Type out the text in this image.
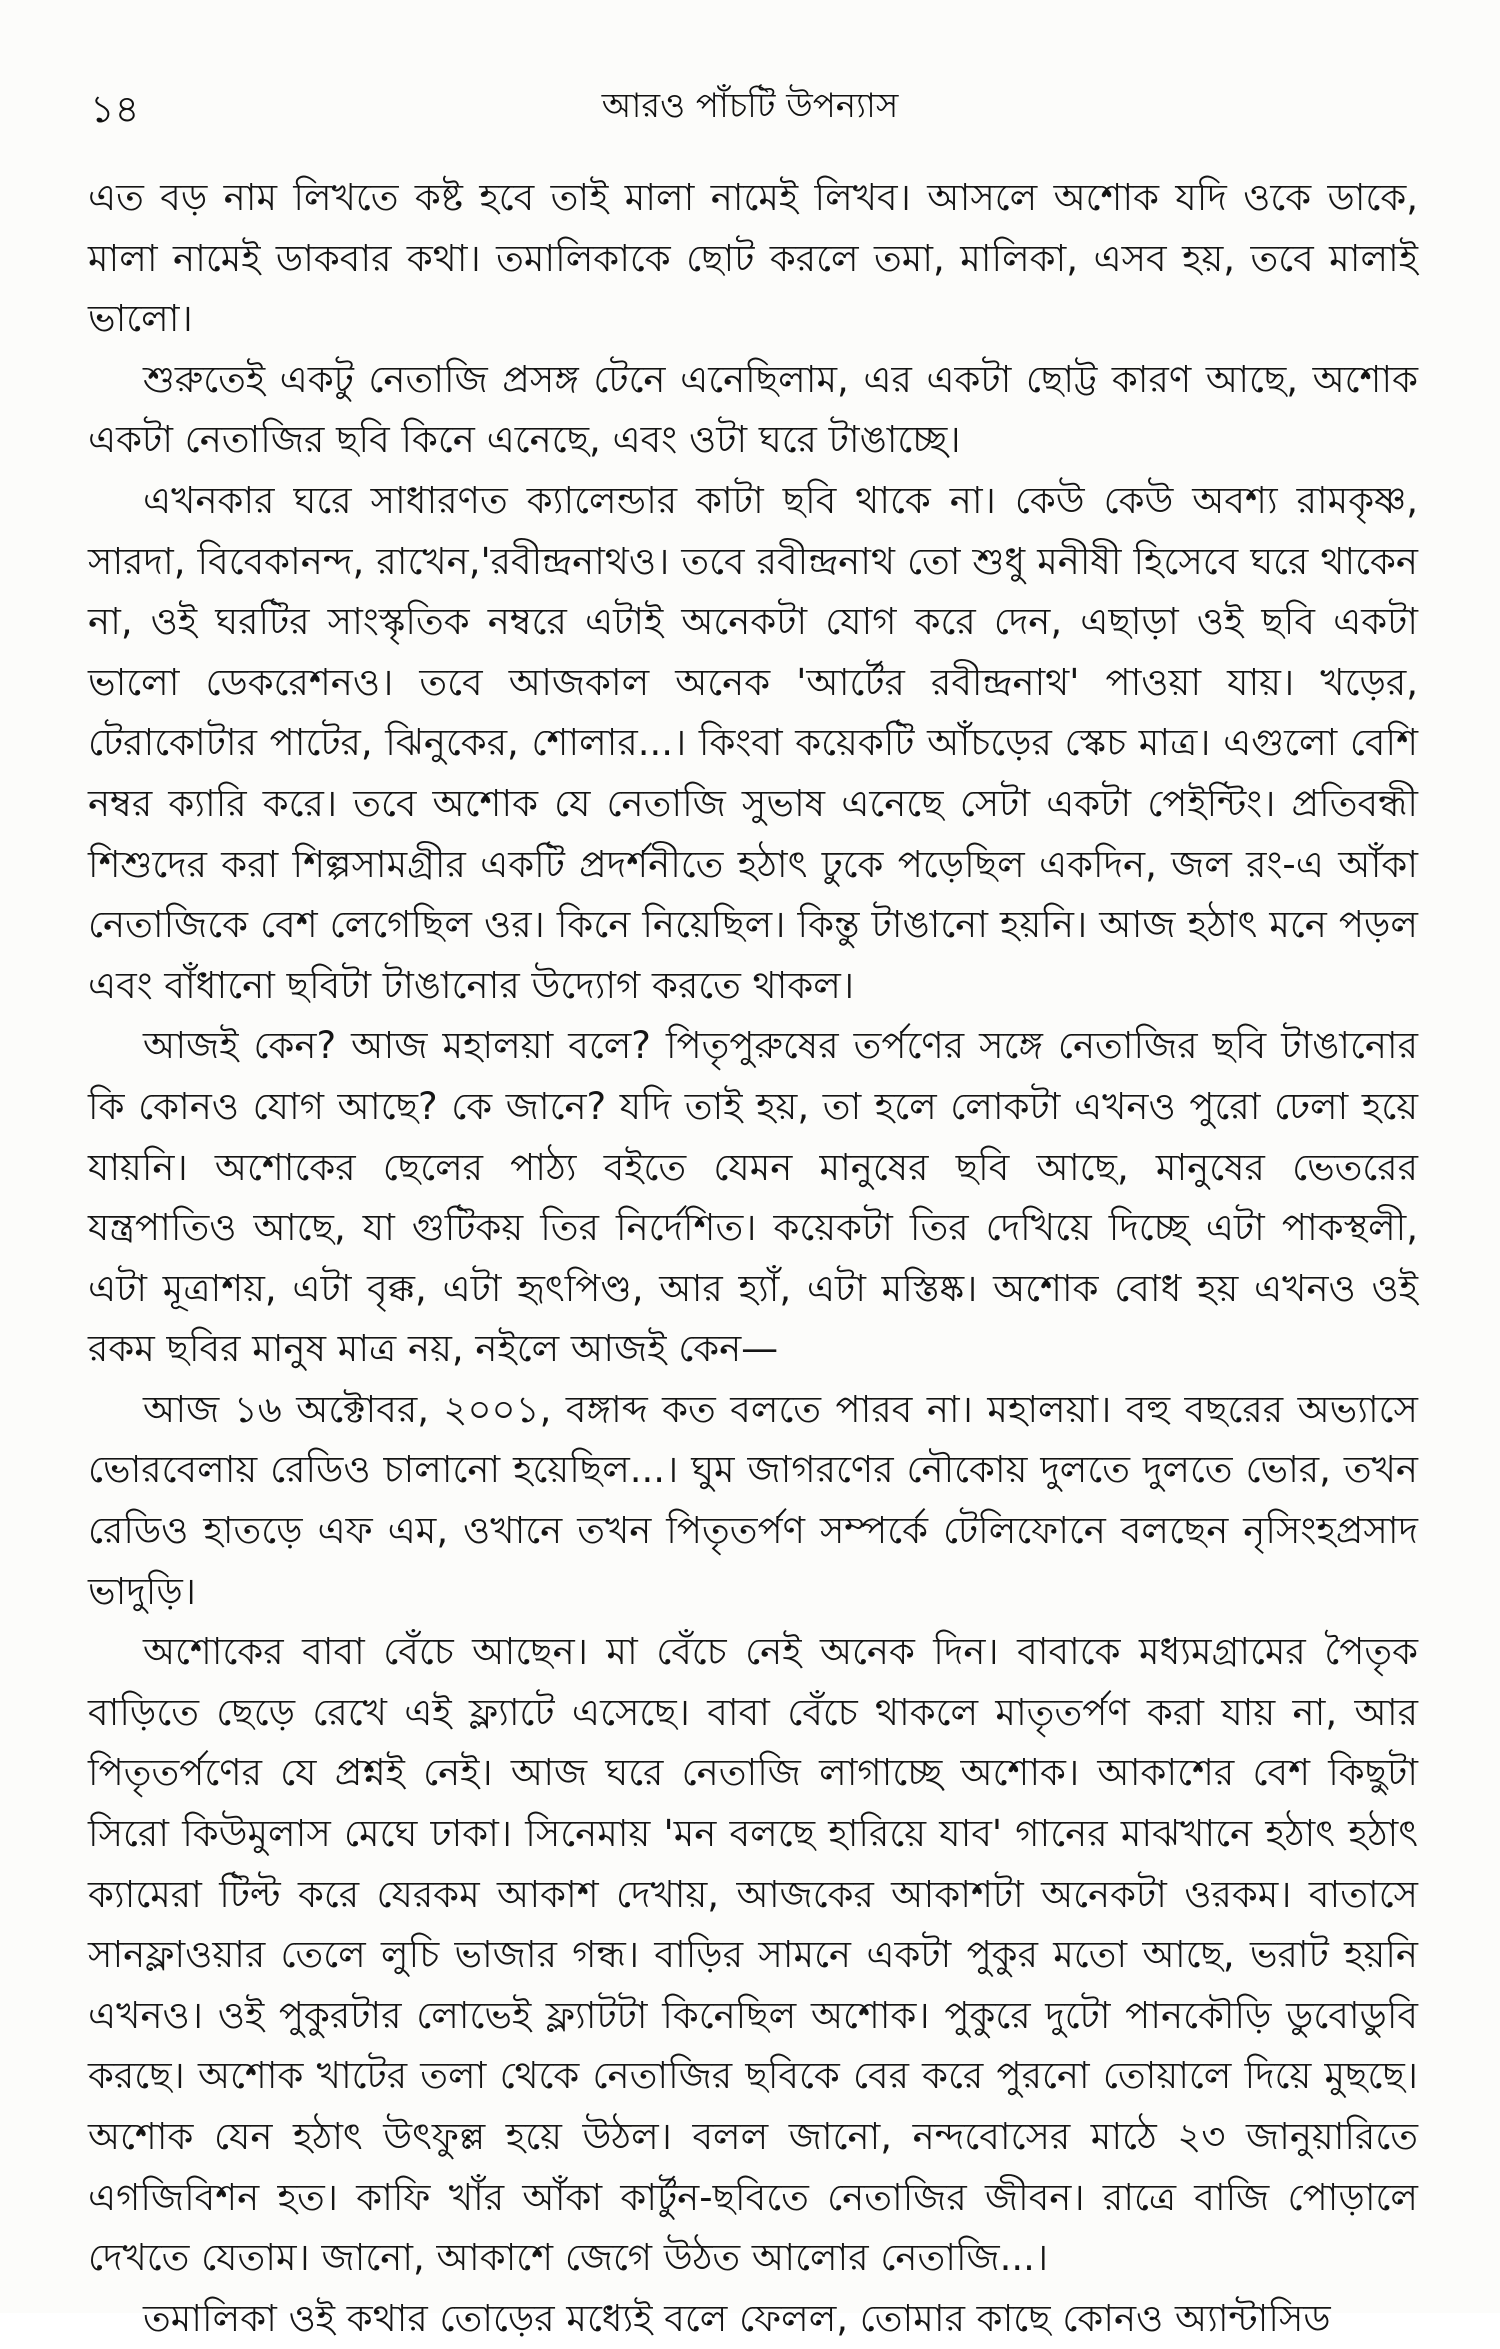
১৪	আরও পাঁচটি উপন্যাস

এত বড় নাম লিখতে কষ্ট হবে তাই মালা নামেই লিখব। আসলে অশোক যদি ওকে ডাকে, মালা নামেই ডাকবার কথা। তমালিকাকে ছোট করলে তমা, মালিকা, এসব হয়, তবে মালাই ভালো।

শুরুতেই একটু নেতাজি প্রসঙ্গ টেনে এনেছিলাম, এর একটা ছোট্ট কারণ আছে, অশোক একটা নেতাজির ছবি কিনে এনেছে, এবং ওটা ঘরে টাঙাচ্ছে।

এখনকার ঘরে সাধারণত ক্যালেন্ডার কাটা ছবি থাকে না। কেউ কেউ অবশ্য রামকৃষ্ণ, সারদা, বিবেকানন্দ, রাখেন,'রবীন্দ্রনাথও। তবে রবীন্দ্রনাথ তো শুধু মনীষী হিসেবে ঘরে থাকেন না, ওই ঘরটির সাংস্কৃতিক নম্বরে এটাই অনেকটা যোগ করে দেন, এছাড়া ওই ছবি একটা ভালো ডেকরেশনও। তবে আজকাল অনেক 'আর্টের রবীন্দ্রনাথ' পাওয়া যায়। খড়ের, টেরাকোটার পাটের, ঝিনুকের, শোলার...। কিংবা কয়েকটি আঁচড়ের স্কেচ মাত্র। এগুলো বেশি নম্বর ক্যারি করে। তবে অশোক যে নেতাজি সুভাষ এনেছে সেটা একটা পেইন্টিং। প্রতিবন্ধী শিশুদের করা শিল্পসামগ্রীর একটি প্রদর্শনীতে হঠাৎ ঢুকে পড়েছিল একদিন, জল রং-এ আঁকা নেতাজিকে বেশ লেগেছিল ওর। কিনে নিয়েছিল। কিন্তু টাঙানো হয়নি। আজ হঠাৎ মনে পড়ল এবং বাঁধানো ছবিটা টাঙানোর উদ্যোগ করতে থাকল।

আজই কেন? আজ মহালয়া বলে? পিতৃপুরুষের তর্পণের সঙ্গে নেতাজির ছবি টাঙানোর কি কোনও যোগ আছে? কে জানে? যদি তাই হয়, তা হলে লোকটা এখনও পুরো ঢেলা হয়ে যায়নি। অশোকের ছেলের পাঠ্য বইতে যেমন মানুষের ছবি আছে, মানুষের ভেতরের যন্ত্রপাতিও আছে, যা গুটিকয় তির নির্দেশিত। কয়েকটা তির দেখিয়ে দিচ্ছে এটা পাকস্থলী, এটা মূত্রাশয়, এটা বৃক্ক, এটা হৃৎপিণ্ড, আর হ্যাঁ, এটা মস্তিষ্ক। অশোক বোধ হয় এখনও ওই রকম ছবির মানুষ মাত্র নয়, নইলে আজই কেন—

আজ ১৬ অক্টোবর, ২০০১, বঙ্গাব্দ কত বলতে পারব না। মহালয়া। বহু বছরের অভ্যাসে ভোরবেলায় রেডিও চালানো হয়েছিল...। ঘুম জাগরণের নৌকোয় দুলতে দুলতে ভোর, তখন রেডিও হাতড়ে এফ এম, ওখানে তখন পিতৃতর্পণ সম্পর্কে টেলিফোনে বলছেন নৃসিংহপ্রসাদ ভাদুড়ি।

অশোকের বাবা বেঁচে আছেন। মা বেঁচে নেই অনেক দিন। বাবাকে মধ্যমগ্রামের পৈতৃক বাড়িতে ছেড়ে রেখে এই ফ্ল্যাটে এসেছে। বাবা বেঁচে থাকলে মাতৃতর্পণ করা যায় না, আর পিতৃতর্পণের যে প্রশ্নই নেই। আজ ঘরে নেতাজি লাগাচ্ছে অশোক। আকাশের বেশ কিছুটা সিরো কিউমুলাস মেঘে ঢাকা। সিনেমায় 'মন বলছে হারিয়ে যাব' গানের মাঝখানে হঠাৎ হঠাৎ ক্যামেরা টিল্ট করে যেরকম আকাশ দেখায়, আজকের আকাশটা অনেকটা ওরকম। বাতাসে সানফ্লাওয়ার তেলে লুচি ভাজার গন্ধ। বাড়ির সামনে একটা পুকুর মতো আছে, ভরাট হয়নি এখনও। ওই পুকুরটার লোভেই ফ্ল্যাটটা কিনেছিল অশোক। পুকুরে দুটো পানকৌড়ি ডুবোডুবি করছে। অশোক খাটের তলা থেকে নেতাজির ছবিকে বের করে পুরনো তোয়ালে দিয়ে মুছছে। অশোক যেন হঠাৎ উৎফুল্ল হয়ে উঠল। বলল জানো, নন্দবোসের মাঠে ২৩ জানুয়ারিতে এগজিবিশন হত। কাফি খাঁর আঁকা কার্টুন-ছবিতে নেতাজির জীবন। রাত্রে বাজি পোড়ালে দেখতে যেতাম। জানো, আকাশে জেগে উঠত আলোর নেতাজি...।

তমালিকা ওই কথার তোড়ের মধ্যেই বলে ফেলল, তোমার কাছে কোনও অ্যান্টাসিড
